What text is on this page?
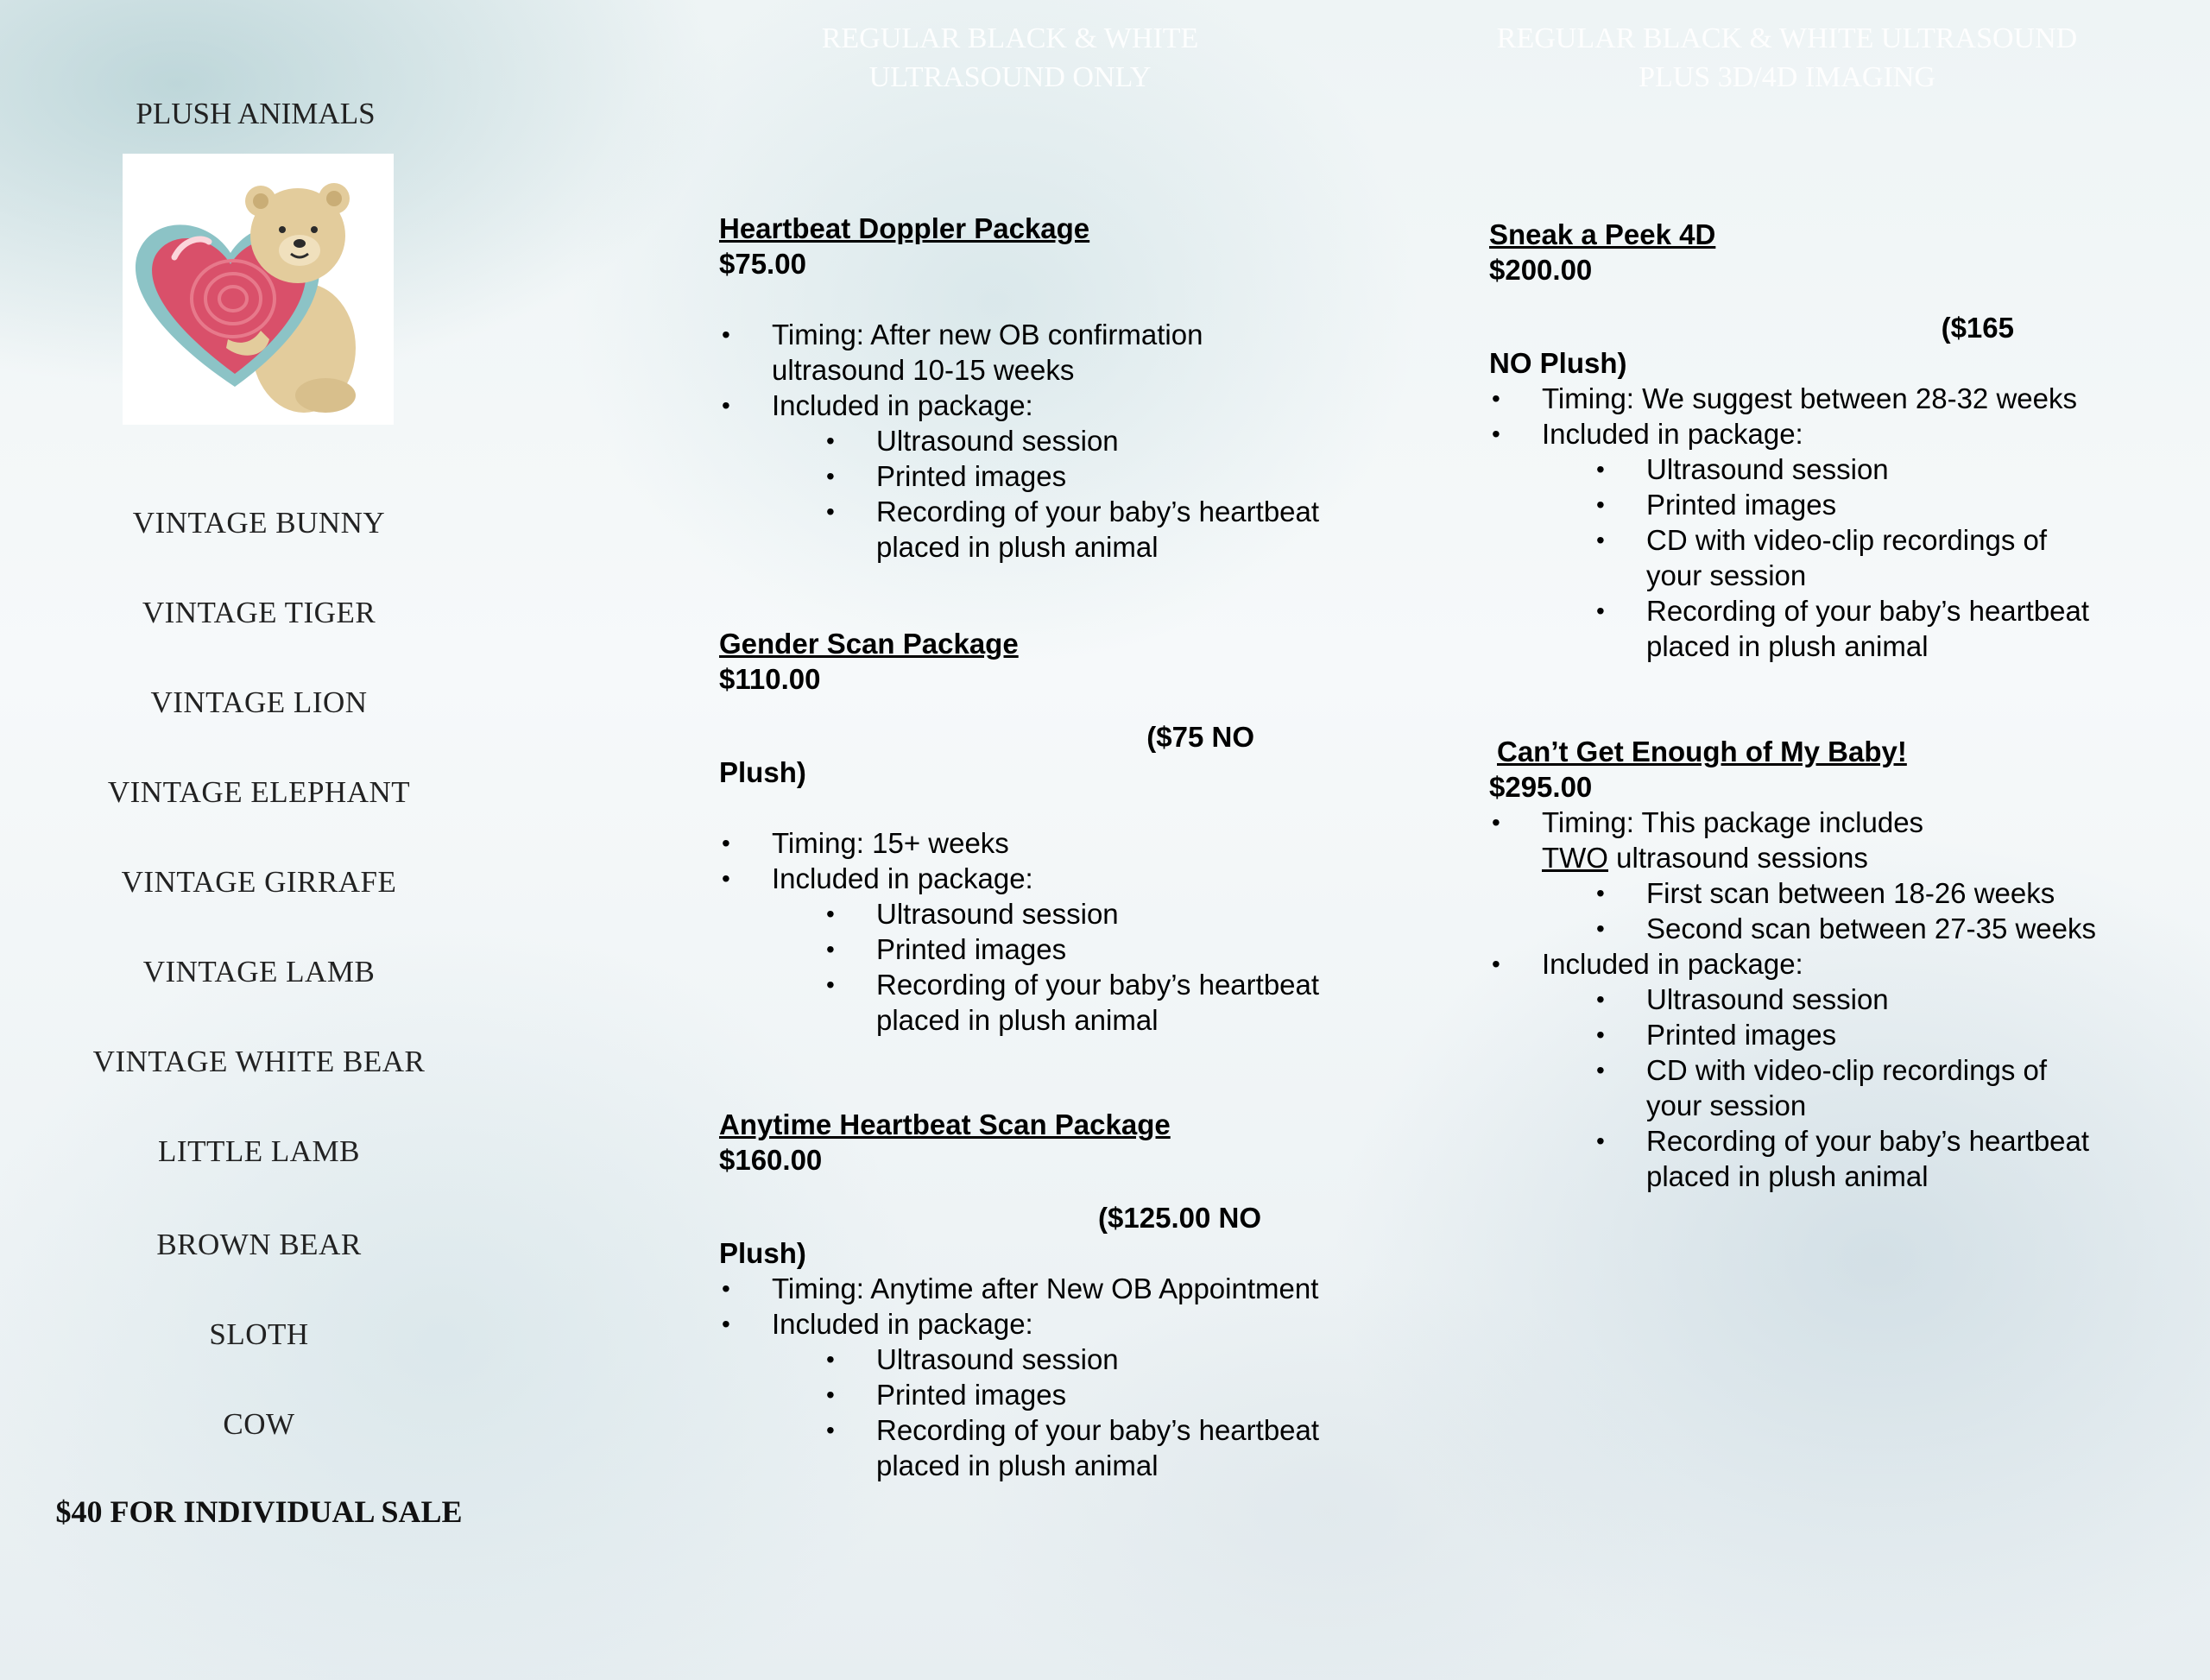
PLUSH ANIMALS
VINTAGE BUNNY
VINTAGE TIGER
VINTAGE LION
VINTAGE ELEPHANT
VINTAGE GIRRAFE
VINTAGE LAMB
VINTAGE WHITE BEAR
LITTLE LAMB
BROWN BEAR
SLOTH
COW
$40 FOR INDIVIDUAL SALE
REGULAR BLACK & WHITE
ULTRASOUND ONLY
REGULAR BLACK & WHITE ULTRASOUND
PLUS 3D/4D IMAGING
Heartbeat Doppler Package
$75.00
• Timing: After new OB confirmation
ultrasound 10-15 weeks
• Included in package:
• Ultrasound session
• Printed images
• Recording of your baby’s heartbeat
placed in plush animal
Gender Scan Package
$110.00
($75 NO
Plush)
• Timing: 15+ weeks
• Included in package:
• Ultrasound session
• Printed images
• Recording of your baby’s heartbeat
placed in plush animal
Anytime Heartbeat Scan Package
$160.00
($125.00 NO
Plush)
• Timing: Anytime after New OB Appointment
• Included in package:
• Ultrasound session
• Printed images
• Recording of your baby’s heartbeat
placed in plush animal
Sneak a Peek 4D
$200.00
($165
NO Plush)
• Timing: We suggest between 28-32 weeks
• Included in package:
• Ultrasound session
• Printed images
• CD with video-clip recordings of
your session
• Recording of your baby’s heartbeat
placed in plush animal
Can’t Get Enough of My Baby!
$295.00
• Timing: This package includes
TWO ultrasound sessions
• First scan between 18-26 weeks
• Second scan between 27-35 weeks
• Included in package:
• Ultrasound session
• Printed images
• CD with video-clip recordings of
your session
• Recording of your baby’s heartbeat
placed in plush animal
